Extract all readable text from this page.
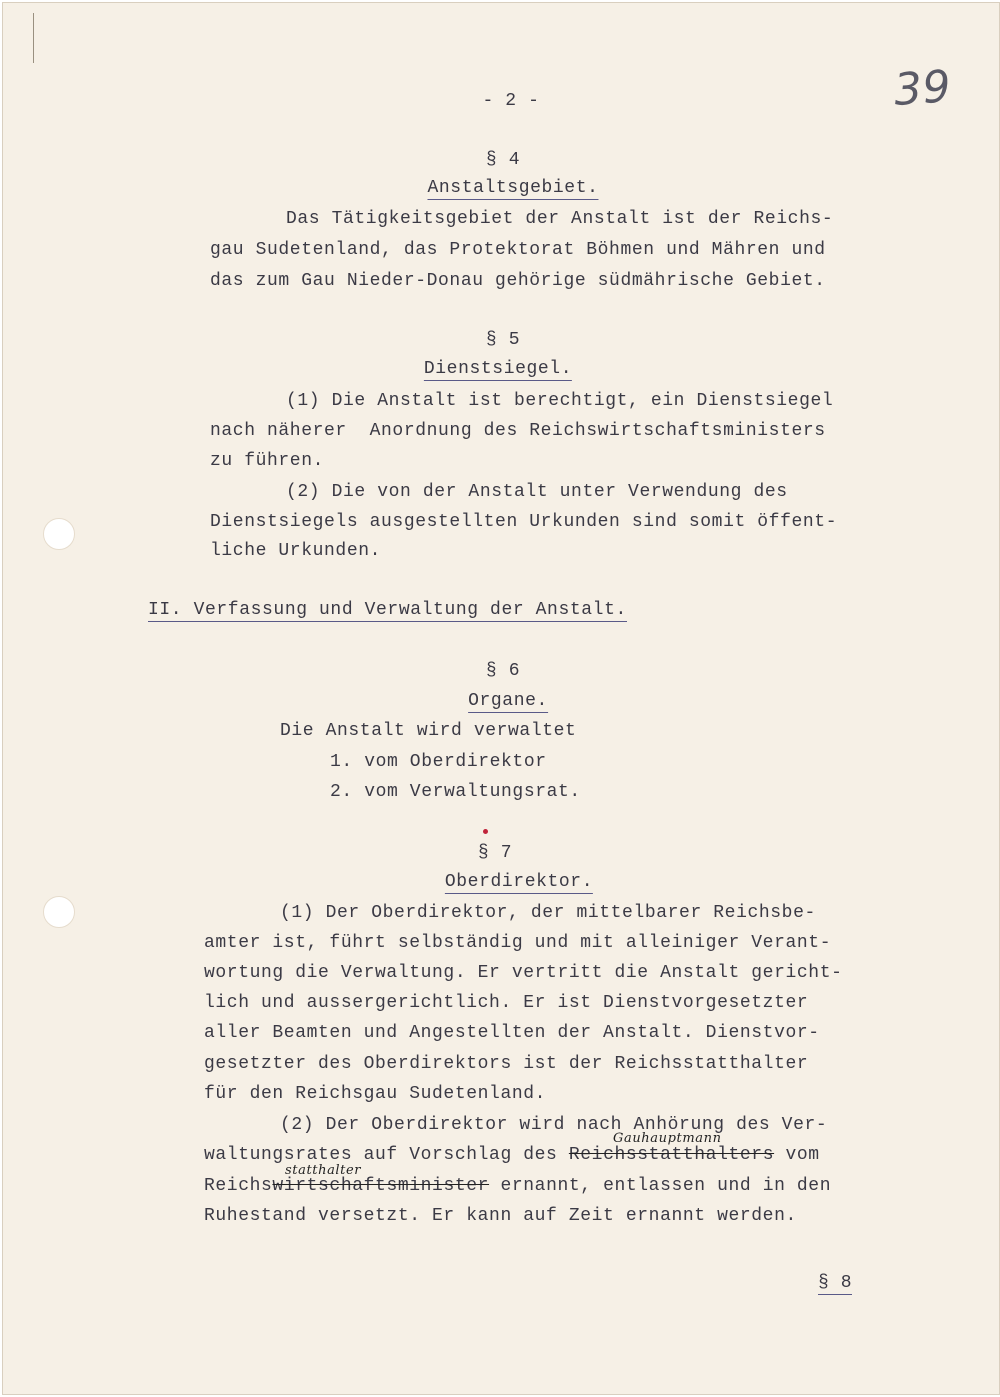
39
- 2 -
§ 4
Anstaltsgebiet.
Das Tätigkeitsgebiet der Anstalt ist der Reichs-
gau Sudetenland, das Protektorat Böhmen und Mähren und
das zum Gau Nieder-Donau gehörige südmährische Gebiet.
§ 5
Dienstsiegel.
(1) Die Anstalt ist berechtigt, ein Dienstsiegel
nach näherer  Anordnung des Reichswirtschaftsministers
zu führen.
(2) Die von der Anstalt unter Verwendung des
Dienstsiegels ausgestellten Urkunden sind somit öffent-
liche Urkunden.
II. Verfassung und Verwaltung der Anstalt.
§ 6
Organe.
Die Anstalt wird verwaltet
1. vom Oberdirektor
2. vom Verwaltungsrat.
§ 7
Oberdirektor.
(1) Der Oberdirektor, der mittelbarer Reichsbe-
amter ist, führt selbständig und mit alleiniger Verant-
wortung die Verwaltung. Er vertritt die Anstalt gericht-
lich und aussergerichtlich. Er ist Dienstvorgesetzter
aller Beamten und Angestellten der Anstalt. Dienstvor-
gesetzter des Oberdirektors ist der Reichsstatthalter
für den Reichsgau Sudetenland.
(2) Der Oberdirektor wird nach Anhörung des Ver-
Gauhauptmann
waltungsrates auf Vorschlag des Reichsstatthalters vom
statthalter
Reichswirtschaftsminister ernannt, entlassen und in den
Ruhestand versetzt. Er kann auf Zeit ernannt werden.
§ 8
